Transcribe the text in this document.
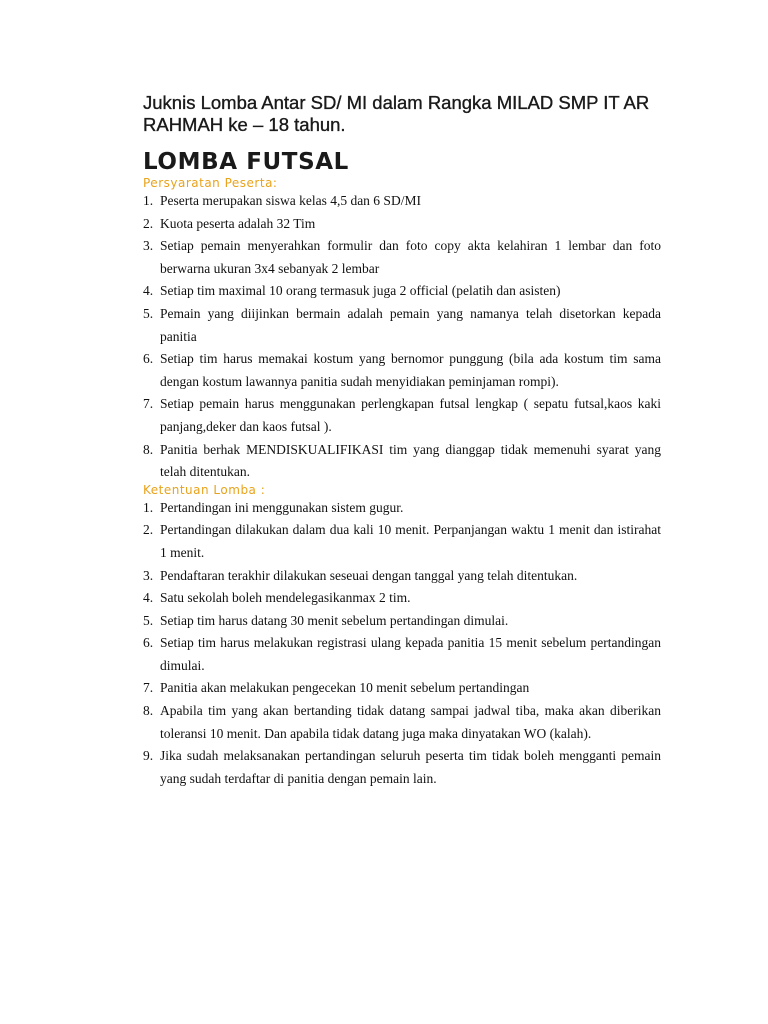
Juknis Lomba Antar SD/ MI dalam Rangka MILAD SMP IT AR RAHMAH ke – 18 tahun.
LOMBA FUTSAL
Persyaratan Peserta:
1. Peserta merupakan siswa kelas 4,5 dan 6 SD/MI
2. Kuota peserta adalah 32 Tim
3. Setiap pemain menyerahkan formulir dan foto copy akta kelahiran 1 lembar dan foto berwarna ukuran 3x4 sebanyak 2 lembar
4. Setiap tim maximal 10 orang termasuk juga 2 official (pelatih dan asisten)
5. Pemain yang diijinkan bermain adalah pemain yang namanya telah disetorkan kepada panitia
6. Setiap tim harus memakai kostum yang bernomor punggung (bila ada kostum tim sama dengan kostum lawannya panitia sudah menyidiakan peminjaman rompi).
7. Setiap pemain harus menggunakan perlengkapan futsal lengkap ( sepatu futsal,kaos kaki panjang,deker dan kaos futsal ).
8. Panitia berhak MENDISKUALIFIKASI tim yang dianggap tidak memenuhi syarat yang telah ditentukan.
Ketentuan Lomba :
1. Pertandingan ini menggunakan sistem gugur.
2. Pertandingan dilakukan dalam dua kali 10 menit. Perpanjangan waktu 1 menit dan istirahat 1 menit.
3. Pendaftaran terakhir dilakukan seseuai dengan tanggal yang telah ditentukan.
4. Satu sekolah boleh mendelegasikanmax 2 tim.
5. Setiap tim harus datang 30 menit sebelum pertandingan dimulai.
6. Setiap tim harus melakukan registrasi ulang kepada panitia 15 menit sebelum pertandingan dimulai.
7. Panitia akan melakukan pengecekan 10 menit sebelum pertandingan
8. Apabila tim yang akan bertanding tidak datang sampai jadwal tiba, maka akan diberikan toleransi 10 menit. Dan apabila tidak datang juga maka dinyatakan WO (kalah).
9. Jika sudah melaksanakan pertandingan seluruh peserta tim tidak boleh mengganti pemain yang sudah terdaftar di panitia dengan pemain lain.
